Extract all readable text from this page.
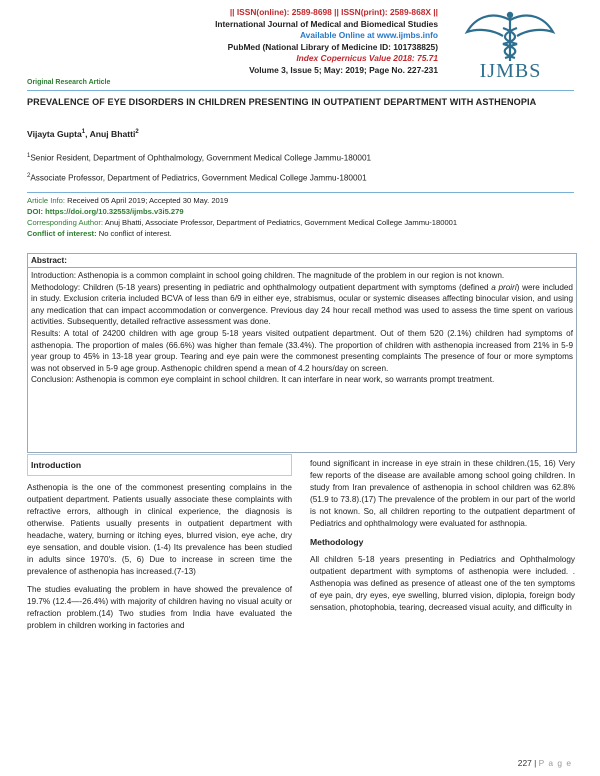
|| ISSN(online): 2589-8698 || ISSN(print): 2589-868X ||
International Journal of Medical and Biomedical Studies
Available Online at www.ijmbs.info
PubMed (National Library of Medicine ID: 101738825)
Index Copernicus Value 2018: 75.71
Volume 3, Issue 5; May: 2019; Page No. 227-231
Original Research Article
IJMBS
PREVALENCE OF EYE DISORDERS IN CHILDREN PRESENTING IN OUTPATIENT DEPARTMENT WITH ASTHENOPIA
Vijayta Gupta$^1$, Anuj Bhatti$^2$
$^1$Senior Resident, Department of Ophthalmology, Government Medical College Jammu-180001
$^2$Associate Professor, Department of Pediatrics, Government Medical College Jammu-180001
Article Info: Received 05 April 2019; Accepted 30 May. 2019
DOI: https://doi.org/10.32553/ijmbs.v3i5.279
Corresponding Author: Anuj Bhatti, Associate Professor, Department of Pediatrics, Government Medical College Jammu-180001
Conflict of interest: No conflict of interest.
Abstract:

Introduction: Asthenopia is a common complaint in school going children. The magnitude of the problem in our region is not known.

Methodology: Children (5-18 years) presenting in pediatric and ophthalmology outpatient department with symptoms (defined a proiri) were included in study. Exclusion criteria included BCVA of less than 6/9 in either eye, strabismus, ocular or systemic diseases affecting binocular vision, and using any medication that can impact accommodation or convergence. Previous day 24 hour recall method was used to assess the time spent on various activities. Subsequently, detailed refractive assessment was done.

Results: A total of 24200 children with age group 5-18 years visited outpatient department. Out of them 520 (2.1%) children had symptoms of asthenopia. The proportion of males (66.6%) was higher than female (33.4%). The proportion of children with asthenopia increased from 21% in 5-9 year group to 45% in 13-18 year group. Tearing and eye pain were the commonest presenting complaints The presence of four or more symptoms was not observed in 5-9 age group. Asthenopic children spend a mean of 4.2 hours/day on screen.

Conclusion: Asthenopia is common eye complaint in school children. It can interfare in near work, so warrants prompt treatment.

Introduction

Asthenopia is the one of the commonest presenting complains in the outpatient department. Patients usually associate these complaints with refractive errors, although in clinical experience, the diagnosis is otherwise. Patients usually presents in outpatient department with headache, watery, burning or itching eyes, blurred vision, eye ache, dry eye sensation, and double vision. (1-4) Its prevalence has been studied in adults since 1970's. (5, 6) Due to increase in screen time the prevalence of asthenopia has increased.(7-13)

The studies evaluating the problem in have showed the prevalence of 19.7% (12.4—-26.4%) with majority of children having no visual acuity or refraction problem.(14) Two studies from India have evaluated the problem in children working in factories and

found significant in increase in eye strain in these children.(15, 16) Very few reports of the disease are available among school going children. In study from Iran prevalence of asthenopia in school children was 62.8% (51.9 to 73.8).(17) The prevalence of the problem in our part of the world is not known. So, all children reporting to the outpatient department of Pediatrics and ophthalmology were evaluated for asthnopia.

Methodology

All children 5-18 years presenting in Pediatrics and Ophthalmology outpatient department with symptoms of asthenopia were included. . Asthenopia was defined as presence of atleast one of the ten symptoms of eye pain, dry eyes, eye swelling, blurred vision, diplopia, foreign body sensation, photophobia, tearing, decreased visual acuity, and difficulty in

227 | P a g e
